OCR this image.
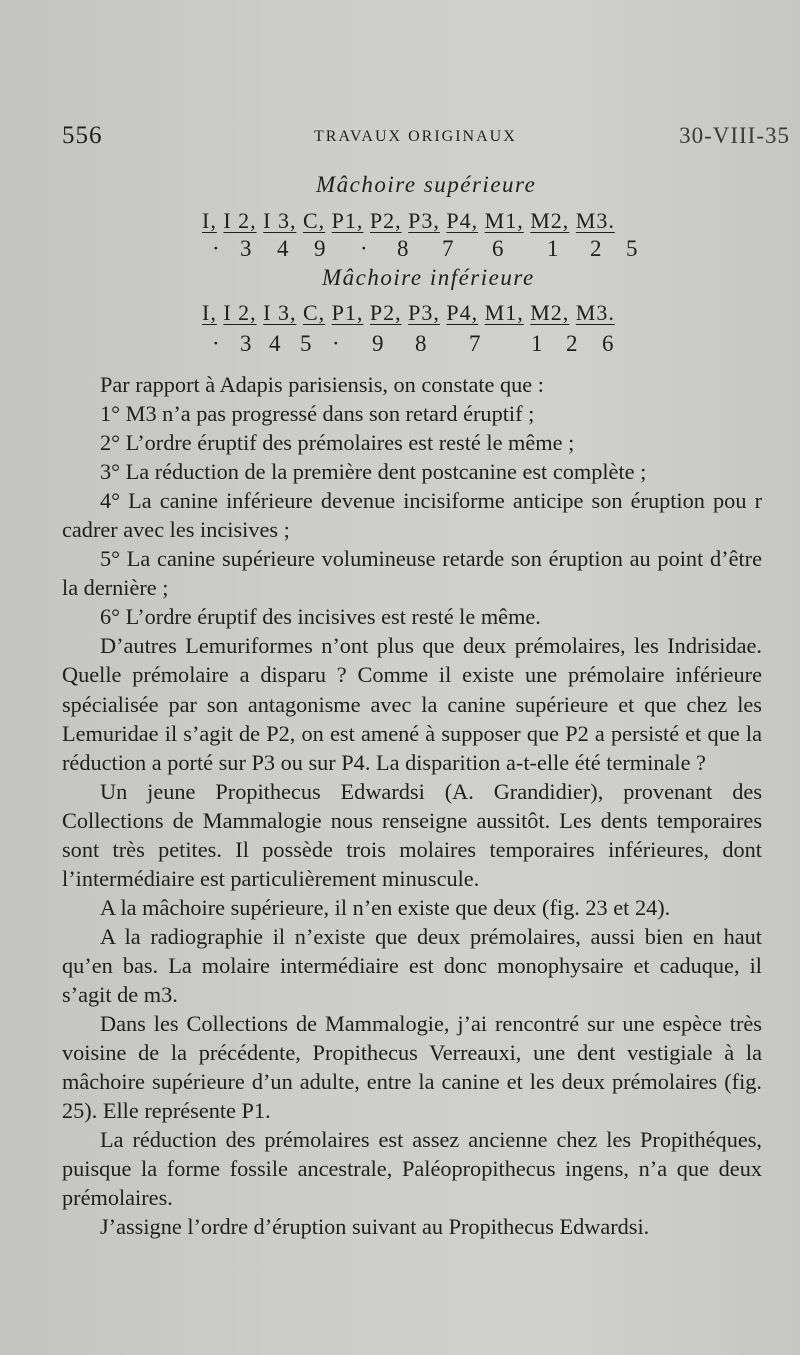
556	TRAVAUX ORIGINAUX	30-VIII-35
Mâchoire supérieure
I, I 2, I 3, C, P1, P2, P3, P4, M1, M2, M3.
· 3 4 9 · 8 7 6 1 2 5
Mâchoire inférieure
I, I 2, I 3, C, P1, P2, P3, P4, M1, M2, M3.
· 3 4 5 · 9 8 7 1 2 6

Par rapport à Adapis parisiensis, on constate que :

1° M3 n’a pas progressé dans son retard éruptif ;

2° L’ordre éruptif des prémolaires est resté le même ;

3° La réduction de la première dent postcanine est complète ;

4° La canine inférieure devenue incisiforme anticipe son éruption pou r cadrer avec les incisives ;

5° La canine supérieure volumineuse retarde son éruption au point d’être la dernière ;

6° L’ordre éruptif des incisives est resté le même.

D’autres Lemuriformes n’ont plus que deux prémolaires, les Indrisidae. Quelle prémolaire a disparu ? Comme il existe une prémolaire inférieure spécialisée par son antagonisme avec la canine supérieure et que chez les Lemuridae il s’agit de P2, on est amené à supposer que P2 a persisté et que la réduction a porté sur P3 ou sur P4. La disparition a-t-elle été terminale ?

Un jeune Propithecus Edwardsi (A. Grandidier), provenant des Collections de Mammalogie nous renseigne aussitôt. Les dents temporaires sont très petites. Il possède trois molaires temporaires inférieures, dont l’intermédiaire est particulièrement minuscule.

A la mâchoire supérieure, il n’en existe que deux (fig. 23 et 24).

A la radiographie il n’existe que deux prémolaires, aussi bien en haut qu’en bas. La molaire intermédiaire est donc monophysaire et caduque, il s’agit de m3.

Dans les Collections de Mammalogie, j’ai rencontré sur une espèce très voisine de la précédente, Propithecus Verreauxi, une dent vestigiale à la mâchoire supérieure d’un adulte, entre la canine et les deux prémolaires (fig. 25). Elle représente P1.

La réduction des prémolaires est assez ancienne chez les Propithéques, puisque la forme fossile ancestrale, Paléopropithecus ingens, n’a que deux prémolaires.

J’assigne l’ordre d’éruption suivant au Propithecus Edwardsi.
